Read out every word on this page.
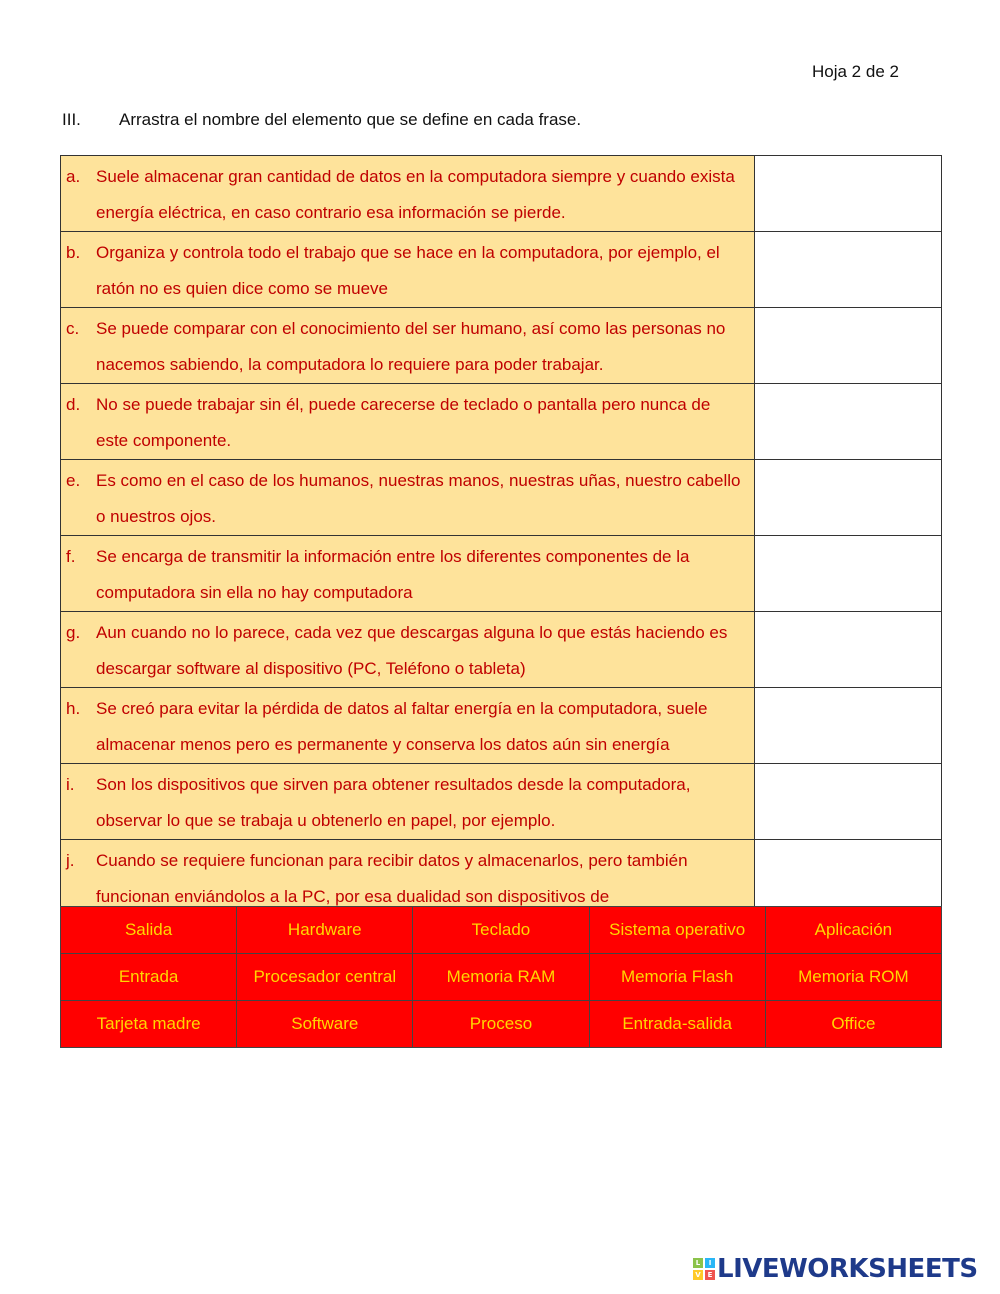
Hoja 2 de 2
III.	Arrastra el nombre del elemento que se define en cada frase.
a. Suele almacenar gran cantidad de datos en la computadora siempre y cuando exista energía eléctrica, en caso contrario esa información se pierde.	

b. Organiza y controla todo el trabajo que se hace en la computadora, por ejemplo, el ratón no es quien dice como se mueve	

c. Se puede comparar con el conocimiento del ser humano, así como las personas no nacemos sabiendo, la computadora lo requiere para poder trabajar.	

d. No se puede trabajar sin él, puede carecerse de teclado o pantalla pero nunca de este componente.	

e. Es como en el caso de los humanos, nuestras manos, nuestras uñas, nuestro cabello o nuestros ojos.	

f. Se encarga de transmitir la información entre los diferentes componentes de la computadora sin ella no hay computadora	

g. Aun cuando no lo parece, cada vez que descargas alguna lo que estás haciendo es descargar software al dispositivo (PC, Teléfono o tableta)	

h. Se creó para evitar la pérdida de datos al faltar energía en la computadora, suele almacenar menos pero es permanente y conserva los datos aún sin energía	

i. Son los dispositivos que sirven para obtener resultados desde la computadora, observar lo que se trabaja u obtenerlo en papel, por ejemplo.	

j. Cuando se requiere funcionan para recibir datos y almacenarlos, pero también funcionan enviándolos a la PC, por esa dualidad son dispositivos de	

Salida	Hardware	Teclado	Sistema operativo	Aplicación
Entrada	Procesador central	Memoria RAM	Memoria Flash	Memoria ROM
Tarjeta madre	Software	Proceso	Entrada-salida	Office
L	I
V E LIVEWORKSHEETS
